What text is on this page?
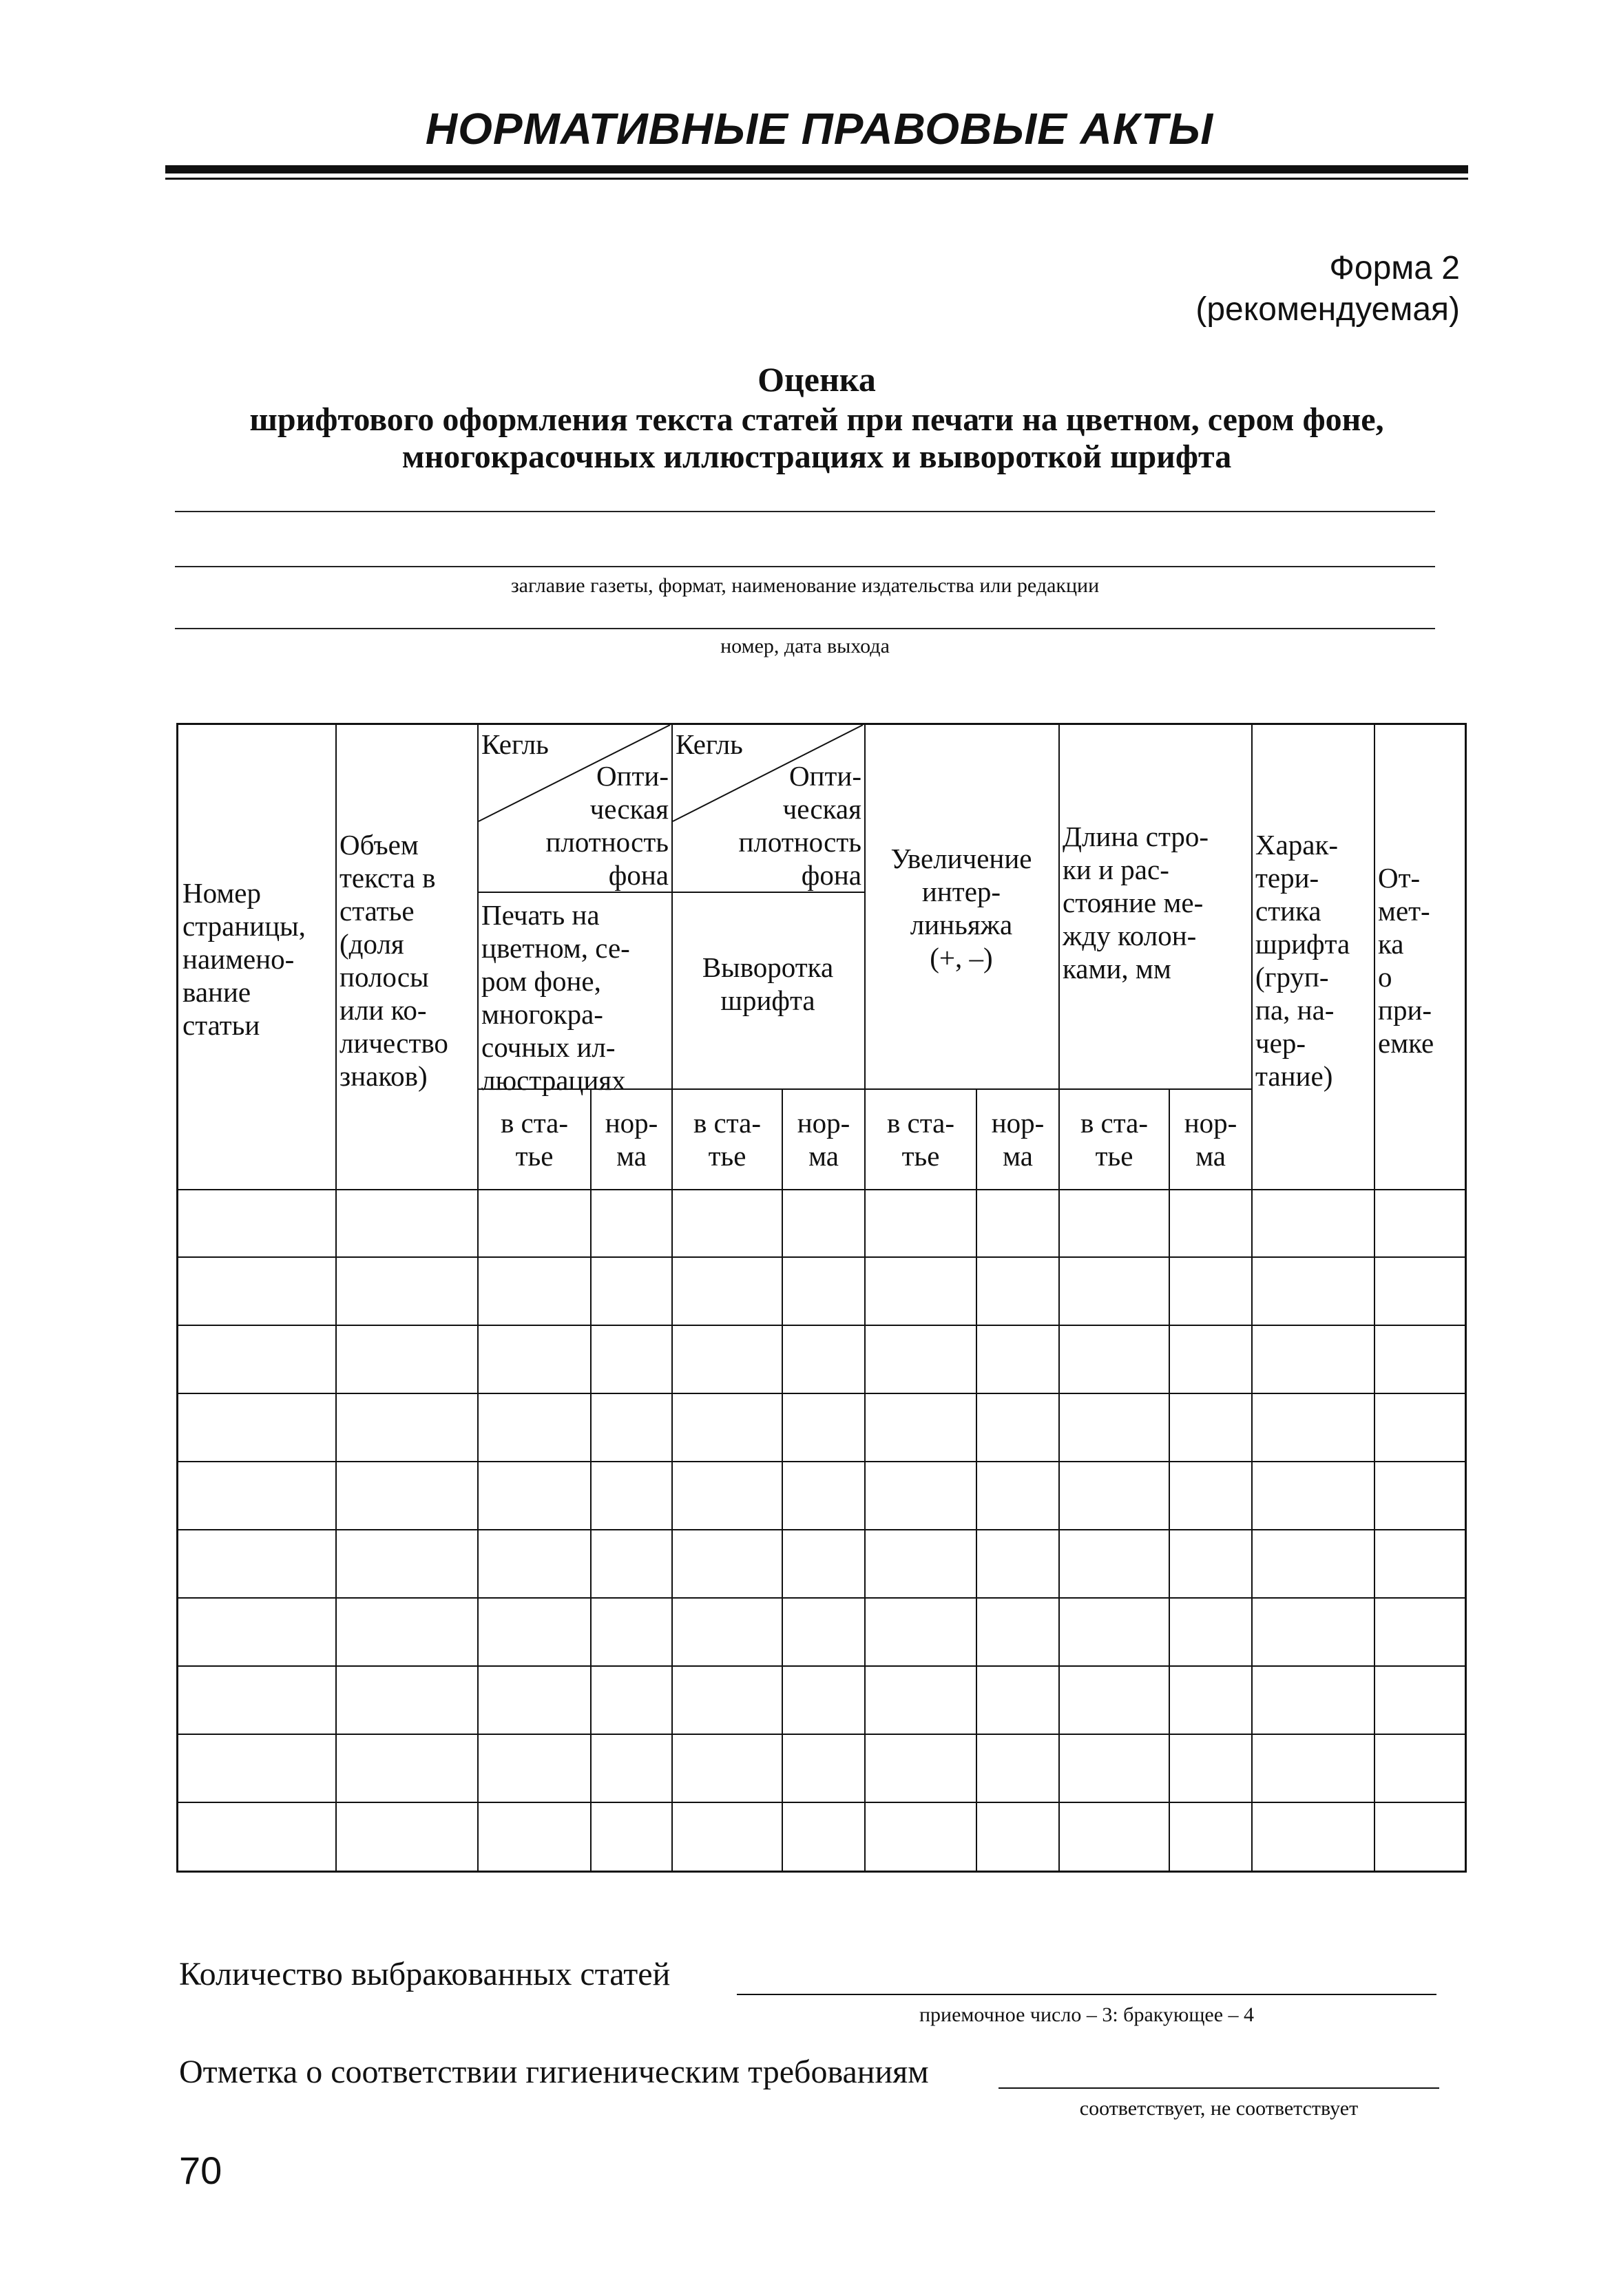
НОРМАТИВНЫЕ ПРАВОВЫЕ АКТЫ
Форма 2
(рекомендуемая)
Оценка
шрифтового оформления текста статей при печати на цветном, сером фоне,
многокрасочных иллюстрациях и вывороткой шрифта
заглавие газеты, формат, наименование издательства или редакции
номер, дата выхода
Номер
страницы,
наимено-
вание
статьи
Объем
текста в
статье
(доля
полосы
или ко-
личество
знаков)
Кегль
Опти-
ческая
плотность
фона
Печать на
цветном, се-
ром фоне,
многокра-
сочных ил-
люстрациях
Кегль
Опти-
ческая
плотность
фона
Выворотка
шрифта
Увеличение
интер-
линьяжа
(+, –)
Длина стро-
ки и рас-
стояние ме-
жду колон-
ками, мм
Харак-
тери-
стика
шрифта
(груп-
па, на-
чер-
тание)
От-
мет-
ка
о
при-
емке
в ста-
тье
нор-
ма
в ста-
тье
нор-
ма
в ста-
тье
нор-
ма
в ста-
тье
нор-
ма
Количество выбракованных статей
приемочное число – 3: бракующее – 4
Отметка о соответствии гигиеническим требованиям
соответствует, не соответствует
70
